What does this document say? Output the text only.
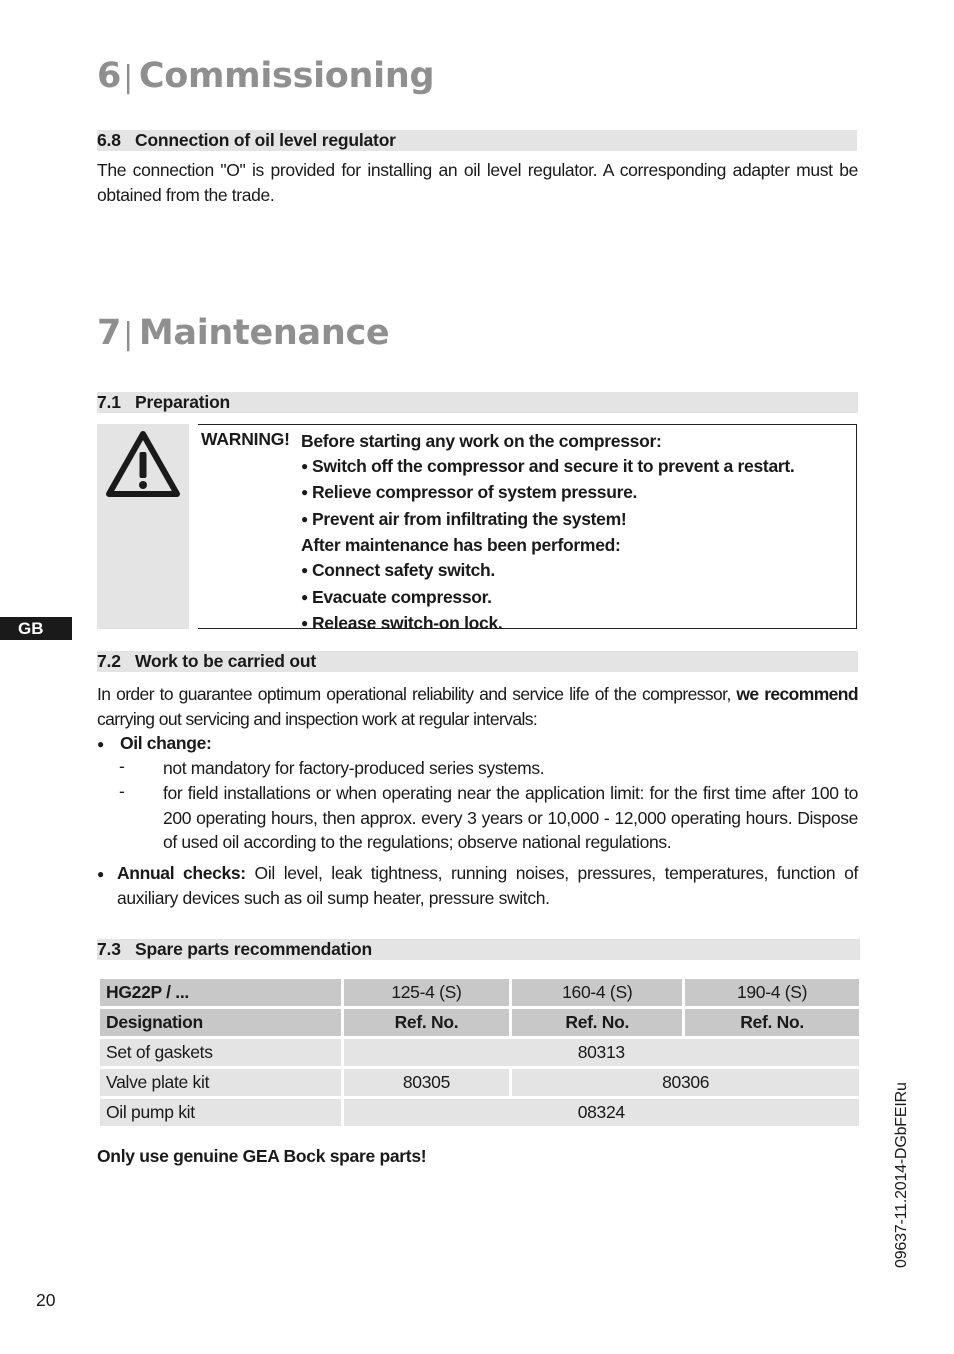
6| Commissioning
6.8 Connection of oil level regulator
The connection "O" is provided for installing an oil level regulator. A corresponding adapter must be obtained from the trade.
7| Maintenance
7.1 Preparation
WARNING! Before starting any work on the compressor:
● Switch off the compressor and secure it to prevent a restart.
● Relieve compressor of system pressure.
● Prevent air from infiltrating the system!
After maintenance has been performed:
● Connect safety switch.
● Evacuate compressor.
● Release switch-on lock.
GB
7.2 Work to be carried out
In order to guarantee optimum operational reliability and service life of the compressor, we recommend carrying out servicing and inspection work at regular intervals:
● Oil change:
- not mandatory for factory-produced series systems.
- for field installations or when operating near the application limit: for the first time after 100 to 200 operating hours, then approx. every 3 years or 10,000 - 12,000 operating hours. Dispose of used oil according to the regulations; observe national regulations.
● Annual checks: Oil level, leak tightness, running noises, pressures, temperatures, function of auxiliary devices such as oil sump heater, pressure switch.
7.3 Spare parts recommendation
HG22P / ...	125-4 (S)	160-4 (S)	190-4 (S)
Designation	Ref. No.	Ref. No.	Ref. No.
Set of gaskets	80313		
Valve plate kit	80305	80306	
Oil pump kit	08324		
Only use genuine GEA Bock spare parts!
20
09637-11.2014-DGbFEIRu
